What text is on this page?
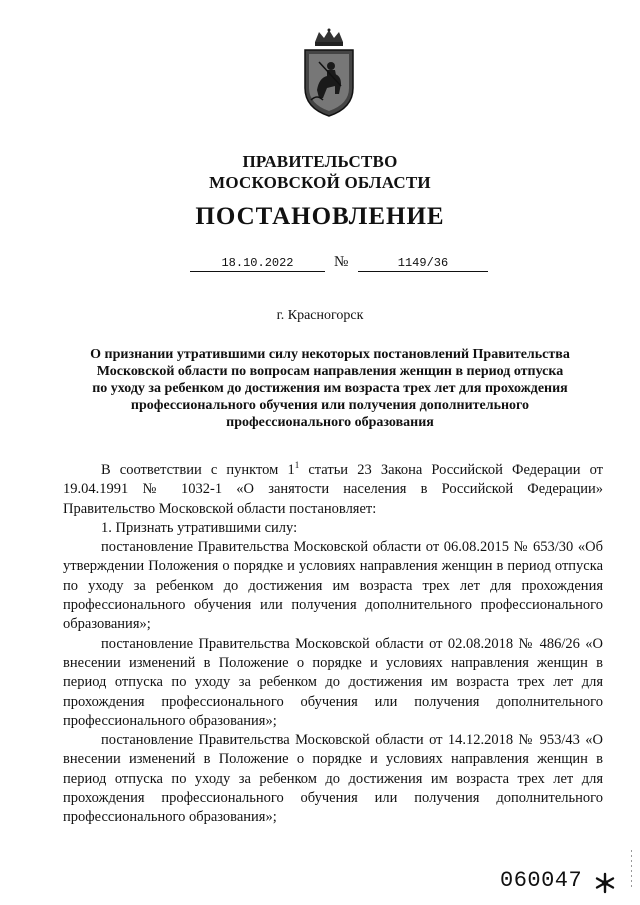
ПРАВИТЕЛЬСТВО
МОСКОВСКОЙ ОБЛАСТИ
ПОСТАНОВЛЕНИЕ
18.10.2022	№	1149/36
г. Красногорск
О признании утратившими силу некоторых постановлений Правительства
Московской области по вопросам направления женщин в период отпуска
по уходу за ребенком до достижения им возраста трех лет для прохождения
профессионального обучения или получения дополнительного
профессионального образования

В соответствии с пунктом $1^1$ статьи 23 Закона Российской Федерации от 19.04.1991 № 1032-1 «О занятости населения в Российской Федерации» Правительство Московской области постановляет:

1. Признать утратившими силу:

постановление Правительства Московской области от 06.08.2015 № 653/30 «Об утверждении Положения о порядке и условиях направления женщин в период отпуска по уходу за ребенком до достижения им возраста трех лет для прохождения профессионального обучения или получения дополнительного профессионального образования»;

постановление Правительства Московской области от 02.08.2018 № 486/26 «О внесении изменений в Положение о порядке и условиях направления женщин в период отпуска по уходу за ребенком до достижения им возраста трех лет для прохождения профессионального обучения или получения дополнительного профессионального образования»;

постановление Правительства Московской области от 14.12.2018 № 953/43 «О внесении изменений в Положение о порядке и условиях направления женщин в период отпуска по уходу за ребенком до достижения им возраста трех лет для прохождения профессионального обучения или получения дополнительного профессионального образования»;

060047
